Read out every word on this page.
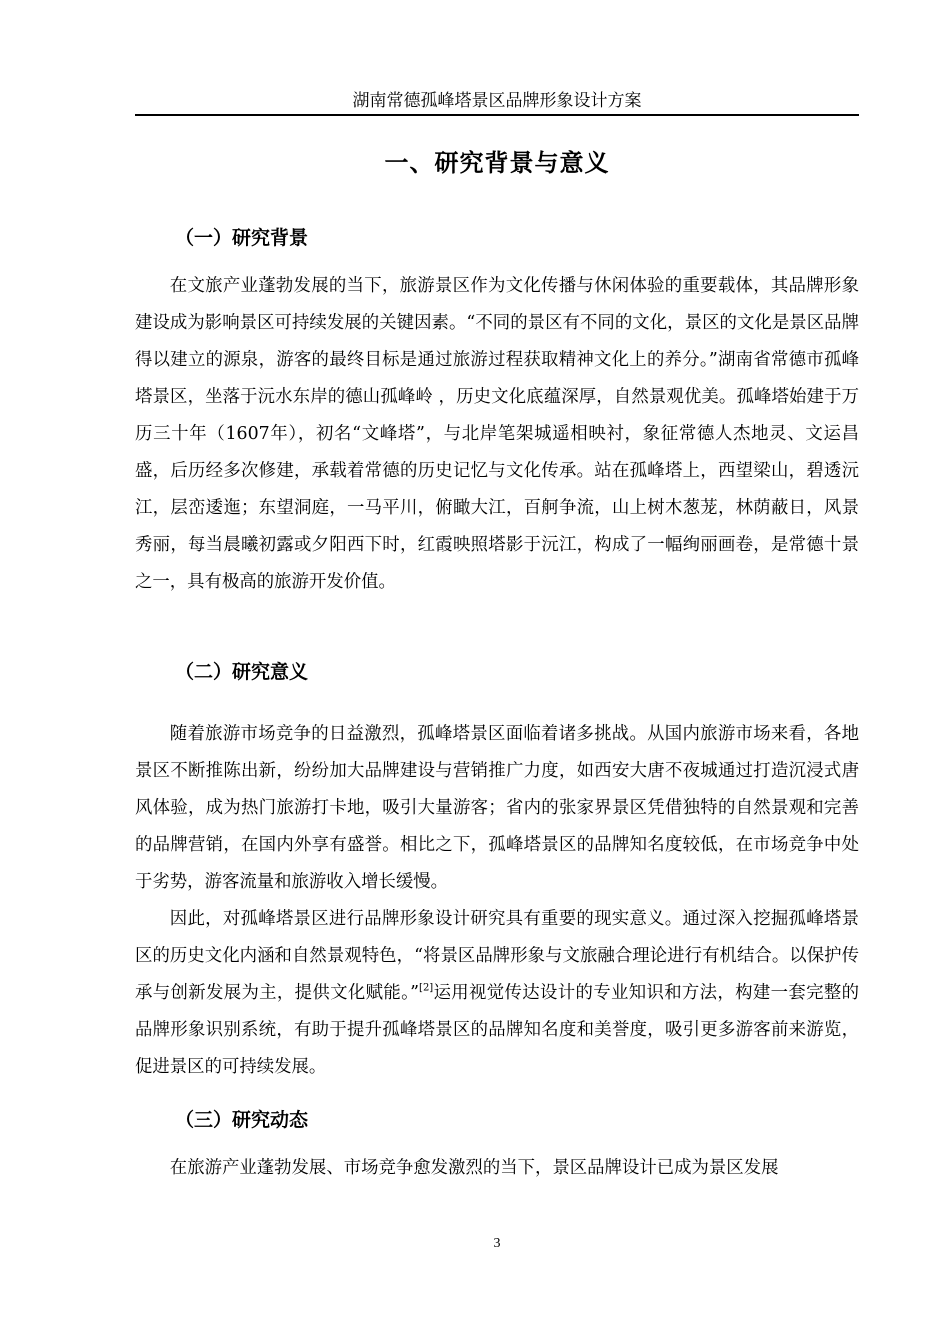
湖南常德孤峰塔景区品牌形象设计方案
一、研究背景与意义
（一）研究背景

在文旅产业蓬勃发展的当下，旅游景区作为文化传播与休闲体验的重要载体，其品牌形象建设成为影响景区可持续发展的关键因素。“不同的景区有不同的文化，景区的文化是景区品牌得以建立的源泉，游客的最终目标是通过旅游过程获取精神文化上的养分。”湖南省常德市孤峰塔景区，坐落于沅水东岸的德山孤峰岭 ，历史文化底蕴深厚，自然景观优美。孤峰塔始建于万历三十年（1607年），初名“文峰塔”，与北岸笔架城遥相映衬，象征常德人杰地灵、文运昌盛，后历经多次修建，承载着常德的历史记忆与文化传承。站在孤峰塔上，西望梁山，碧透沅江，层峦逶迤；东望洞庭，一马平川，俯瞰大江，百舸争流，山上树木葱茏，林荫蔽日，风景秀丽，每当晨曦初露或夕阳西下时，红霞映照塔影于沅江，构成了一幅绚丽画卷，是常德十景之一，具有极高的旅游开发价值。

（二）研究意义

随着旅游市场竞争的日益激烈，孤峰塔景区面临着诸多挑战。从国内旅游市场来看，各地景区不断推陈出新，纷纷加大品牌建设与营销推广力度，如西安大唐不夜城通过打造沉浸式唐风体验，成为热门旅游打卡地，吸引大量游客；省内的张家界景区凭借独特的自然景观和完善的品牌营销，在国内外享有盛誉。相比之下，孤峰塔景区的品牌知名度较低，在市场竞争中处于劣势，游客流量和旅游收入增长缓慢。

因此，对孤峰塔景区进行品牌形象设计研究具有重要的现实意义。通过深入挖掘孤峰塔景区的历史文化内涵和自然景观特色，“将景区品牌形象与文旅融合理论进行有机结合。以保护传承与创新发展为主，提供文化赋能。”[2]运用视觉传达设计的专业知识和方法，构建一套完整的品牌形象识别系统，有助于提升孤峰塔景区的品牌知名度和美誉度，吸引更多游客前来游览，促进景区的可持续发展。

（三）研究动态

在旅游产业蓬勃发展、市场竞争愈发激烈的当下，景区品牌设计已成为景区发展

3
